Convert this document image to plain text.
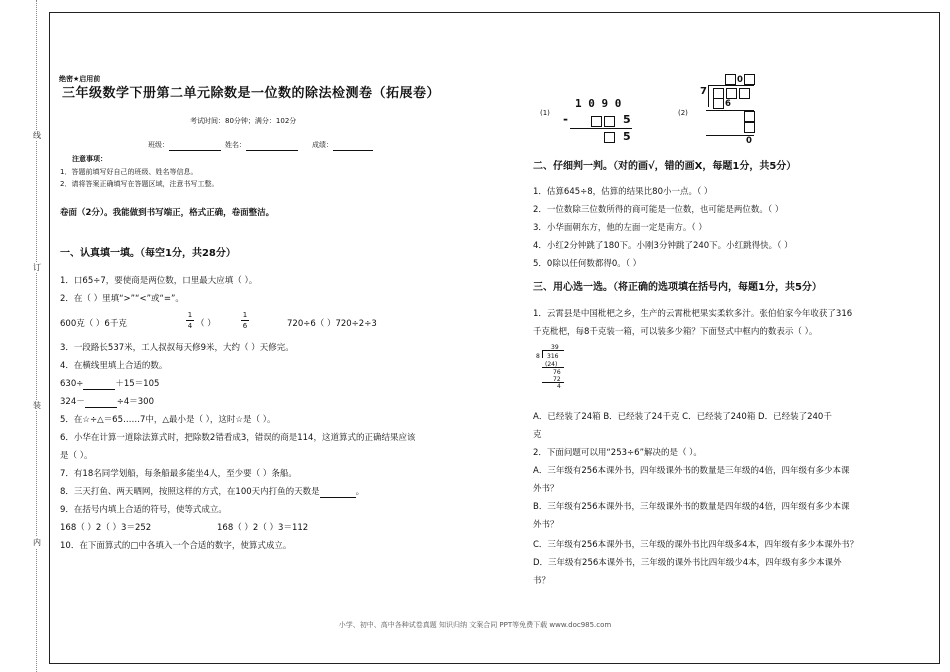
线
订
装
内
绝密★启用前
三年级数学下册第二单元除数是一位数的除法检测卷（拓展卷）
考试时间：80分钟；满分：102分
班级：	姓名：	成绩：
注意事项：
1．答题前填写好自己的班级、姓名等信息。
2．请将答案正确填写在答题区域，注意书写工整。
卷面（2分）。我能做到书写端正，格式正确，卷面整洁。
一、认真填一填。（每空1分，共28分）
1．口65÷7，要使商是两位数，口里最大应填（ ）。
2．在（ ）里填“>”“<”或“=”。
600克（ ）6千克
1
4 （ ）
1
6	720÷6（ ）720÷2÷3
3．一段路长537米，工人叔叔每天修9米，大约（ ）天修完。
4．在横线里填上合适的数。
630÷	＋15＝105
324－	÷4＝300
5．在☆÷△＝65……7中，△最小是（ ），这时☆是（ ）。
6．小华在计算一道除法算式时，把除数2错看成3，错误的商是114，这道算式的正确结果应该
是（ ）。
7．有18名同学划船，每条船最多能坐4人，至少要（ ）条船。
8．三天打鱼、两天晒网，按照这样的方式，在100天内打鱼的天数是	。
9．在括号内填上合适的符号，使等式成立。
168（ ）2（ ）3＝252	168（ ）2（ ）3＝112
10．在下面算式的□中各填入一个合适的数字，使算式成立。
(1)
1 0 9 0
-	5
5
(2)
0
7
6
0
二、仔细判一判。（对的画√，错的画X，每题1分，共5分）
1．估算645÷8，估算的结果比80小一点。（ ）
2．一位数除三位数所得的商可能是一位数，也可能是两位数。（ ）
3．小华面朝东方，他的左面一定是南方。（ ）
4．小红2分钟跳了180下。小刚3分钟跳了240下。小红跳得快。（ ）
5．0除以任何数都得0。（ ）
三、用心选一选。（将正确的选项填在括号内，每题1分，共5分）
1．云霄县是中国枇杷之乡，生产的云霄枇杷果实柔软多汁。张伯伯家今年收获了316
千克枇杷，每8千克装一箱，可以装多少箱？下面竖式中框内的数表示（ ）。
39
8 316
(24)
76
72
4
A．已经装了24箱 B．已经装了24千克 C．已经装了240箱 D．已经装了240千
克
2．下面问题可以用“253÷6”解决的是（ ）。
A．三年级有256本课外书，四年级课外书的数量是三年级的4倍，四年级有多少本课
外书？
B．三年级有256本课外书，三年级课外书的数量是四年级的4倍，四年级有多少本课
外书？
C．三年级有256本课外书，三年级的课外书比四年级多4本，四年级有多少本课外书？
D．三年级有256本课外书，三年级的课外书比四年级少4本，四年级有多少本课外
书？
小学、初中、高中各种试卷真题 知识归纳 文案合同 PPT等免费下载 www.doc985.com
